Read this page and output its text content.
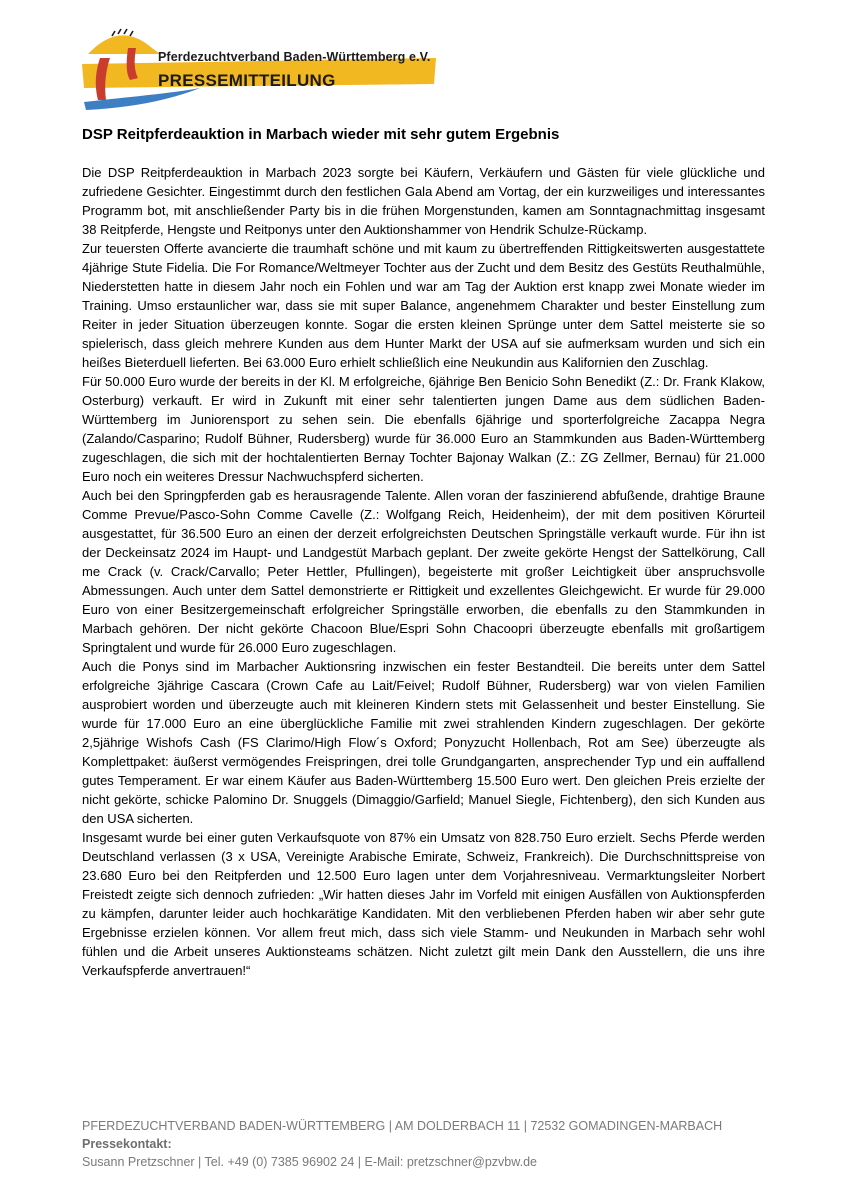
Pferdezuchtverband Baden-Württemberg e.V.
PRESSEMITTEILUNG
DSP Reitpferdeauktion in Marbach wieder mit sehr gutem Ergebnis

Die DSP Reitpferdeauktion in Marbach 2023 sorgte bei Käufern, Verkäufern und Gästen für viele glückliche und zufriedene Gesichter. Eingestimmt durch den festlichen Gala Abend am Vortag, der ein kurzweiliges und interessantes Programm bot, mit anschließender Party bis in die frühen Morgenstunden, kamen am Sonntagnachmittag insgesamt 38 Reitpferde, Hengste und Reitponys unter den Auktionshammer von Hendrik Schulze-Rückamp.

Zur teuersten Offerte avancierte die traumhaft schöne und mit kaum zu übertreffenden Rittigkeitswerten ausgestattete 4jährige Stute Fidelia. Die For Romance/Weltmeyer Tochter aus der Zucht und dem Besitz des Gestüts Reuthalmühle, Niederstetten hatte in diesem Jahr noch ein Fohlen und war am Tag der Auktion erst knapp zwei Monate wieder im Training. Umso erstaunlicher war, dass sie mit super Balance, angenehmem Charakter und bester Einstellung zum Reiter in jeder Situation überzeugen konnte. Sogar die ersten kleinen Sprünge unter dem Sattel meisterte sie so spielerisch, dass gleich mehrere Kunden aus dem Hunter Markt der USA auf sie aufmerksam wurden und sich ein heißes Bieterduell lieferten. Bei 63.000 Euro erhielt schließlich eine Neukundin aus Kalifornien den Zuschlag.

Für 50.000 Euro wurde der bereits in der Kl. M erfolgreiche, 6jährige Ben Benicio Sohn Benedikt (Z.: Dr. Frank Klakow, Osterburg) verkauft. Er wird in Zukunft mit einer sehr talentierten jungen Dame aus dem südlichen Baden-Württemberg im Juniorensport zu sehen sein. Die ebenfalls 6jährige und sporterfolgreiche Zacappa Negra (Zalando/Casparino; Rudolf Bühner, Rudersberg) wurde für 36.000 Euro an Stammkunden aus Baden-Württemberg zugeschlagen, die sich mit der hochtalentierten Bernay Tochter Bajonay Walkan (Z.: ZG Zellmer, Bernau) für 21.000 Euro noch ein weiteres Dressur Nachwuchspferd sicherten.

Auch bei den Springpferden gab es herausragende Talente. Allen voran der faszinierend abfußende, drahtige Braune Comme Prevue/Pasco-Sohn Comme Cavelle (Z.: Wolfgang Reich, Heidenheim), der mit dem positiven Körurteil ausgestattet, für 36.500 Euro an einen der derzeit erfolgreichsten Deutschen Springställe verkauft wurde. Für ihn ist der Deckeinsatz 2024 im Haupt- und Landgestüt Marbach geplant. Der zweite gekörte Hengst der Sattelkörung, Call me Crack (v. Crack/Carvallo; Peter Hettler, Pfullingen), begeisterte mit großer Leichtigkeit über anspruchsvolle Abmessungen. Auch unter dem Sattel demonstrierte er Rittigkeit und exzellentes Gleichgewicht. Er wurde für 29.000 Euro von einer Besitzergemeinschaft erfolgreicher Springställe erworben, die ebenfalls zu den Stammkunden in Marbach gehören. Der nicht gekörte Chacoon Blue/Espri Sohn Chacoopri überzeugte ebenfalls mit großartigem Springtalent und wurde für 26.000 Euro zugeschlagen.

Auch die Ponys sind im Marbacher Auktionsring inzwischen ein fester Bestandteil. Die bereits unter dem Sattel erfolgreiche 3jährige Cascara (Crown Cafe au Lait/Feivel; Rudolf Bühner, Rudersberg) war von vielen Familien ausprobiert worden und überzeugte auch mit kleineren Kindern stets mit Gelassenheit und bester Einstellung. Sie wurde für 17.000 Euro an eine überglückliche Familie mit zwei strahlenden Kindern zugeschlagen. Der gekörte 2,5jährige Wishofs Cash (FS Clarimo/High Flow´s Oxford; Ponyzucht Hollenbach, Rot am See) überzeugte als Komplettpaket: äußerst vermögendes Freispringen, drei tolle Grundgangarten, ansprechender Typ und ein auffallend gutes Temperament. Er war einem Käufer aus Baden-Württemberg 15.500 Euro wert. Den gleichen Preis erzielte der nicht gekörte, schicke Palomino Dr. Snuggels (Dimaggio/Garfield; Manuel Siegle, Fichtenberg), den sich Kunden aus den USA sicherten.

Insgesamt wurde bei einer guten Verkaufsquote von 87% ein Umsatz von 828.750 Euro erzielt. Sechs Pferde werden Deutschland verlassen (3 x USA, Vereinigte Arabische Emirate, Schweiz, Frankreich). Die Durchschnittspreise von 23.680 Euro bei den Reitpferden und 12.500 Euro lagen unter dem Vorjahresniveau. Vermarktungsleiter Norbert Freistedt zeigte sich dennoch zufrieden: „Wir hatten dieses Jahr im Vorfeld mit einigen Ausfällen von Auktionspferden zu kämpfen, darunter leider auch hochkarätige Kandidaten. Mit den verbliebenen Pferden haben wir aber sehr gute Ergebnisse erzielen können. Vor allem freut mich, dass sich viele Stamm- und Neukunden in Marbach sehr wohl fühlen und die Arbeit unseres Auktionsteams schätzen. Nicht zuletzt gilt mein Dank den Ausstellern, die uns ihre Verkaufspferde anvertrauen!“

PFERDEZUCHTVERBAND BADEN-WÜRTTEMBERG | AM DOLDERBACH 11 | 72532 GOMADINGEN-MARBACH
Pressekontakt:
Susann Pretzschner | Tel. +49 (0) 7385 96902 24 | E-Mail: pretzschner@pzvbw.de
